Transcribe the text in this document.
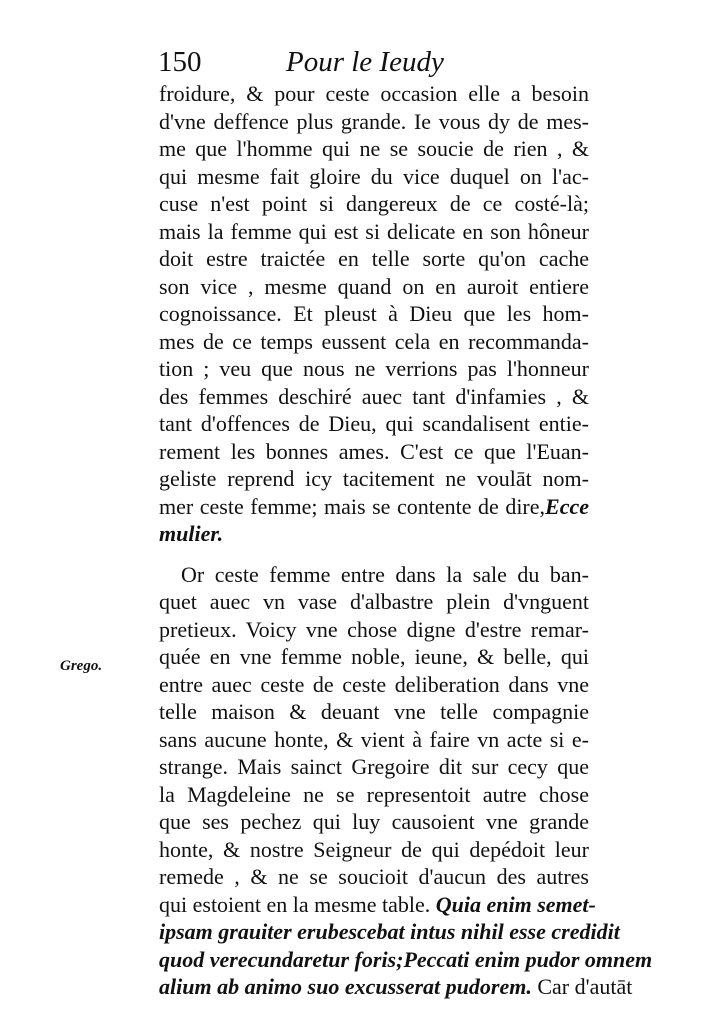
150	Pour le Ieudy
Grego.
froidure, & pour ceste occasion elle a besoin
d'vne deffence plus grande. Ie vous dy de mes-
me que l'homme qui ne se soucie de rien , &
qui mesme fait gloire du vice duquel on l'ac-
cuse n'est point si dangereux de ce costé-là;
mais la femme qui est si delicate en son hôneur
doit estre traictée en telle sorte qu'on cache
son vice , mesme quand on en auroit entiere
cognoissance. Et pleust à Dieu que les hom-
mes de ce temps eussent cela en recommanda-
tion ; veu que nous ne verrions pas l'honneur
des femmes deschiré auec tant d'infamies , &
tant d'offences de Dieu, qui scandalisent entie-
rement les bonnes ames. C'est ce que l'Euan-
geliste reprend icy tacitement ne voulāt nom-
mer ceste femme; mais se contente de dire,Ecce
mulier.
Or ceste femme entre dans la sale du ban-
quet auec vn vase d'albastre plein d'vnguent
pretieux. Voicy vne chose digne d'estre remar-
quée en vne femme noble, ieune, & belle, qui
entre auec ceste de ceste deliberation dans vne
telle maison & deuant vne telle compagnie
sans aucune honte, & vient à faire vn acte si e-
strange. Mais sainct Gregoire dit sur cecy que
la Magdeleine ne se representoit autre chose
que ses pechez qui luy causoient vne grande
honte, & nostre Seigneur de qui depédoit leur
remede , & ne se soucioit d'aucun des autres
qui estoient en la mesme table. Quia enim semet-
ipsam grauiter erubescebat intus nihil esse credidit
quod verecundaretur foris;Peccati enim pudor omnem
alium ab animo suo excusserat pudorem. Car d'autāt
